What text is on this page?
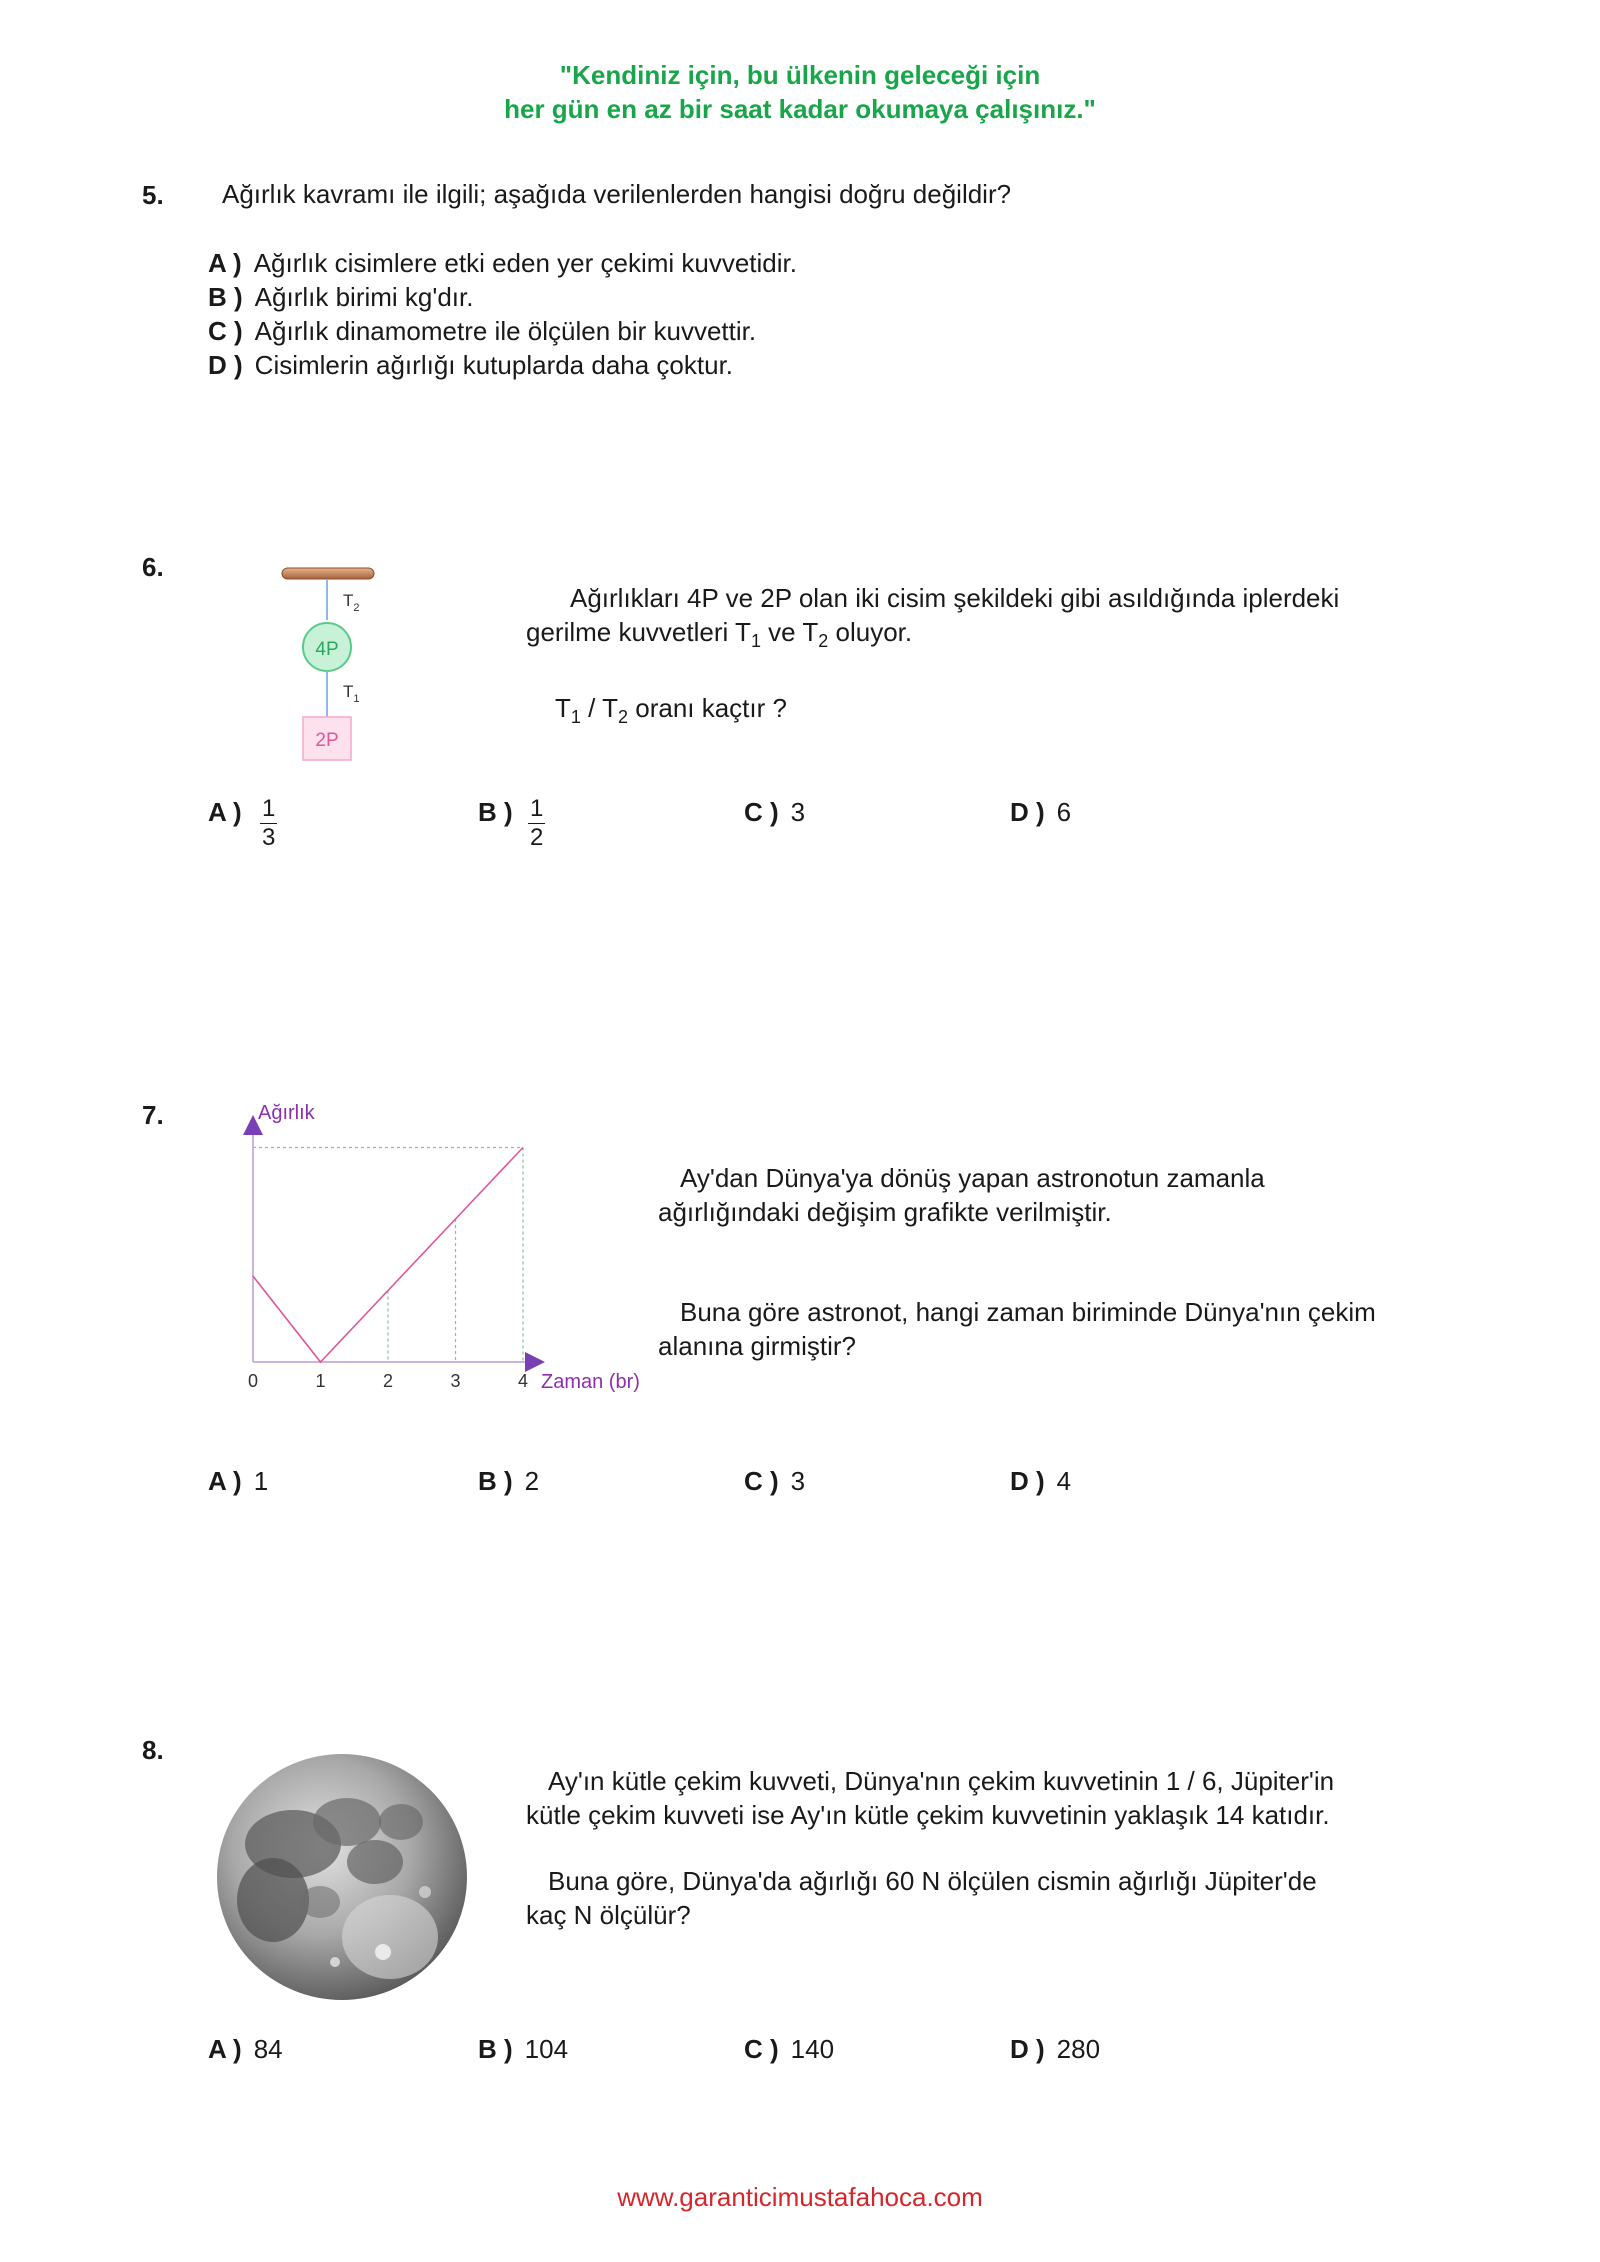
"Kendiniz için, bu ülkenin geleceği için
her gün en az bir saat kadar okumaya çalışınız."
5. Ağırlık kavramı ile ilgili; aşağıda verilenlerden hangisi doğru değildir?
A ) Ağırlık cisimlere etki eden yer çekimi kuvvetidir.
B ) Ağırlık birimi kg'dır.
C ) Ağırlık dinamometre ile ölçülen bir kuvvettir.
D ) Cisimlerin ağırlığı kutuplarda daha çoktur.
6.
4P
2P
$T_2$
$T_1$
Ağırlıkları 4P ve 2P olan iki cisim şekildeki gibi asıldığında iplerdeki
gerilme kuvvetleri $T_1$ ve $T_2$ oluyor.
$T_1 / T_2$ oranı kaçtır ?
A ) $\frac{1}{3}$	B ) $\frac{1}{2}$	C ) 3	D ) 6
7.
0	1	2	3	4
Ağırlık
Zaman (br)
Ay'dan Dünya'ya dönüş yapan astronotun zamanla
ağırlığındaki değişim grafikte verilmiştir.
Buna göre astronot, hangi zaman biriminde Dünya'nın çekim
alanına girmiştir?
A ) 1	B ) 2	C ) 3	D ) 4
8.
Ay'ın kütle çekim kuvveti, Dünya'nın çekim kuvvetinin 1 / 6, Jüpiter'in
kütle çekim kuvveti ise Ay'ın kütle çekim kuvvetinin yaklaşık 14 katıdır.
Buna göre, Dünya'da ağırlığı 60 N ölçülen cismin ağırlığı Jüpiter'de
kaç N ölçülür?
A ) 84	B ) 104	C ) 140	D ) 280
www.garanticimustafahoca.com
